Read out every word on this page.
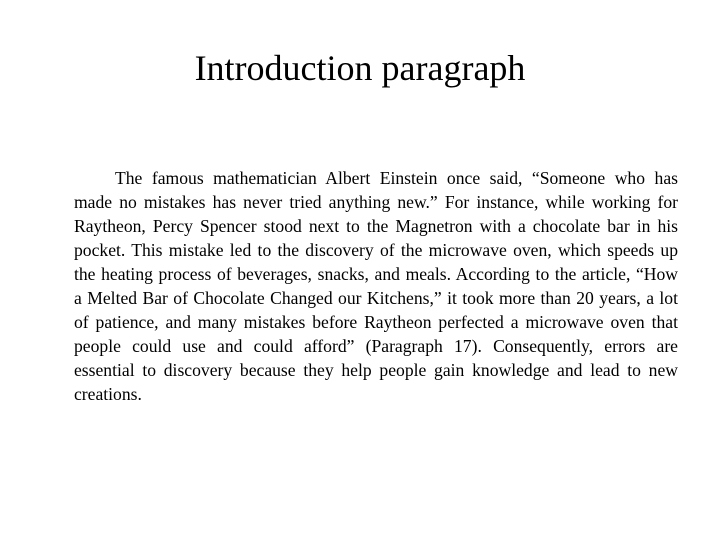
Introduction paragraph

The famous mathematician Albert Einstein once said, “Someone who has made no mistakes has never tried anything new.” For instance, while working for Raytheon, Percy Spencer stood next to the Magnetron with a chocolate bar in his pocket. This mistake led to the discovery of the microwave oven, which speeds up the heating process of beverages, snacks, and meals. According to the article, “How a Melted Bar of Chocolate Changed our Kitchens,” it took more than 20 years, a lot of patience, and many mistakes before Raytheon perfected a microwave oven that people could use and could afford” (Paragraph 17). Consequently, errors are essential to discovery because they help people gain knowledge and lead to new creations.
